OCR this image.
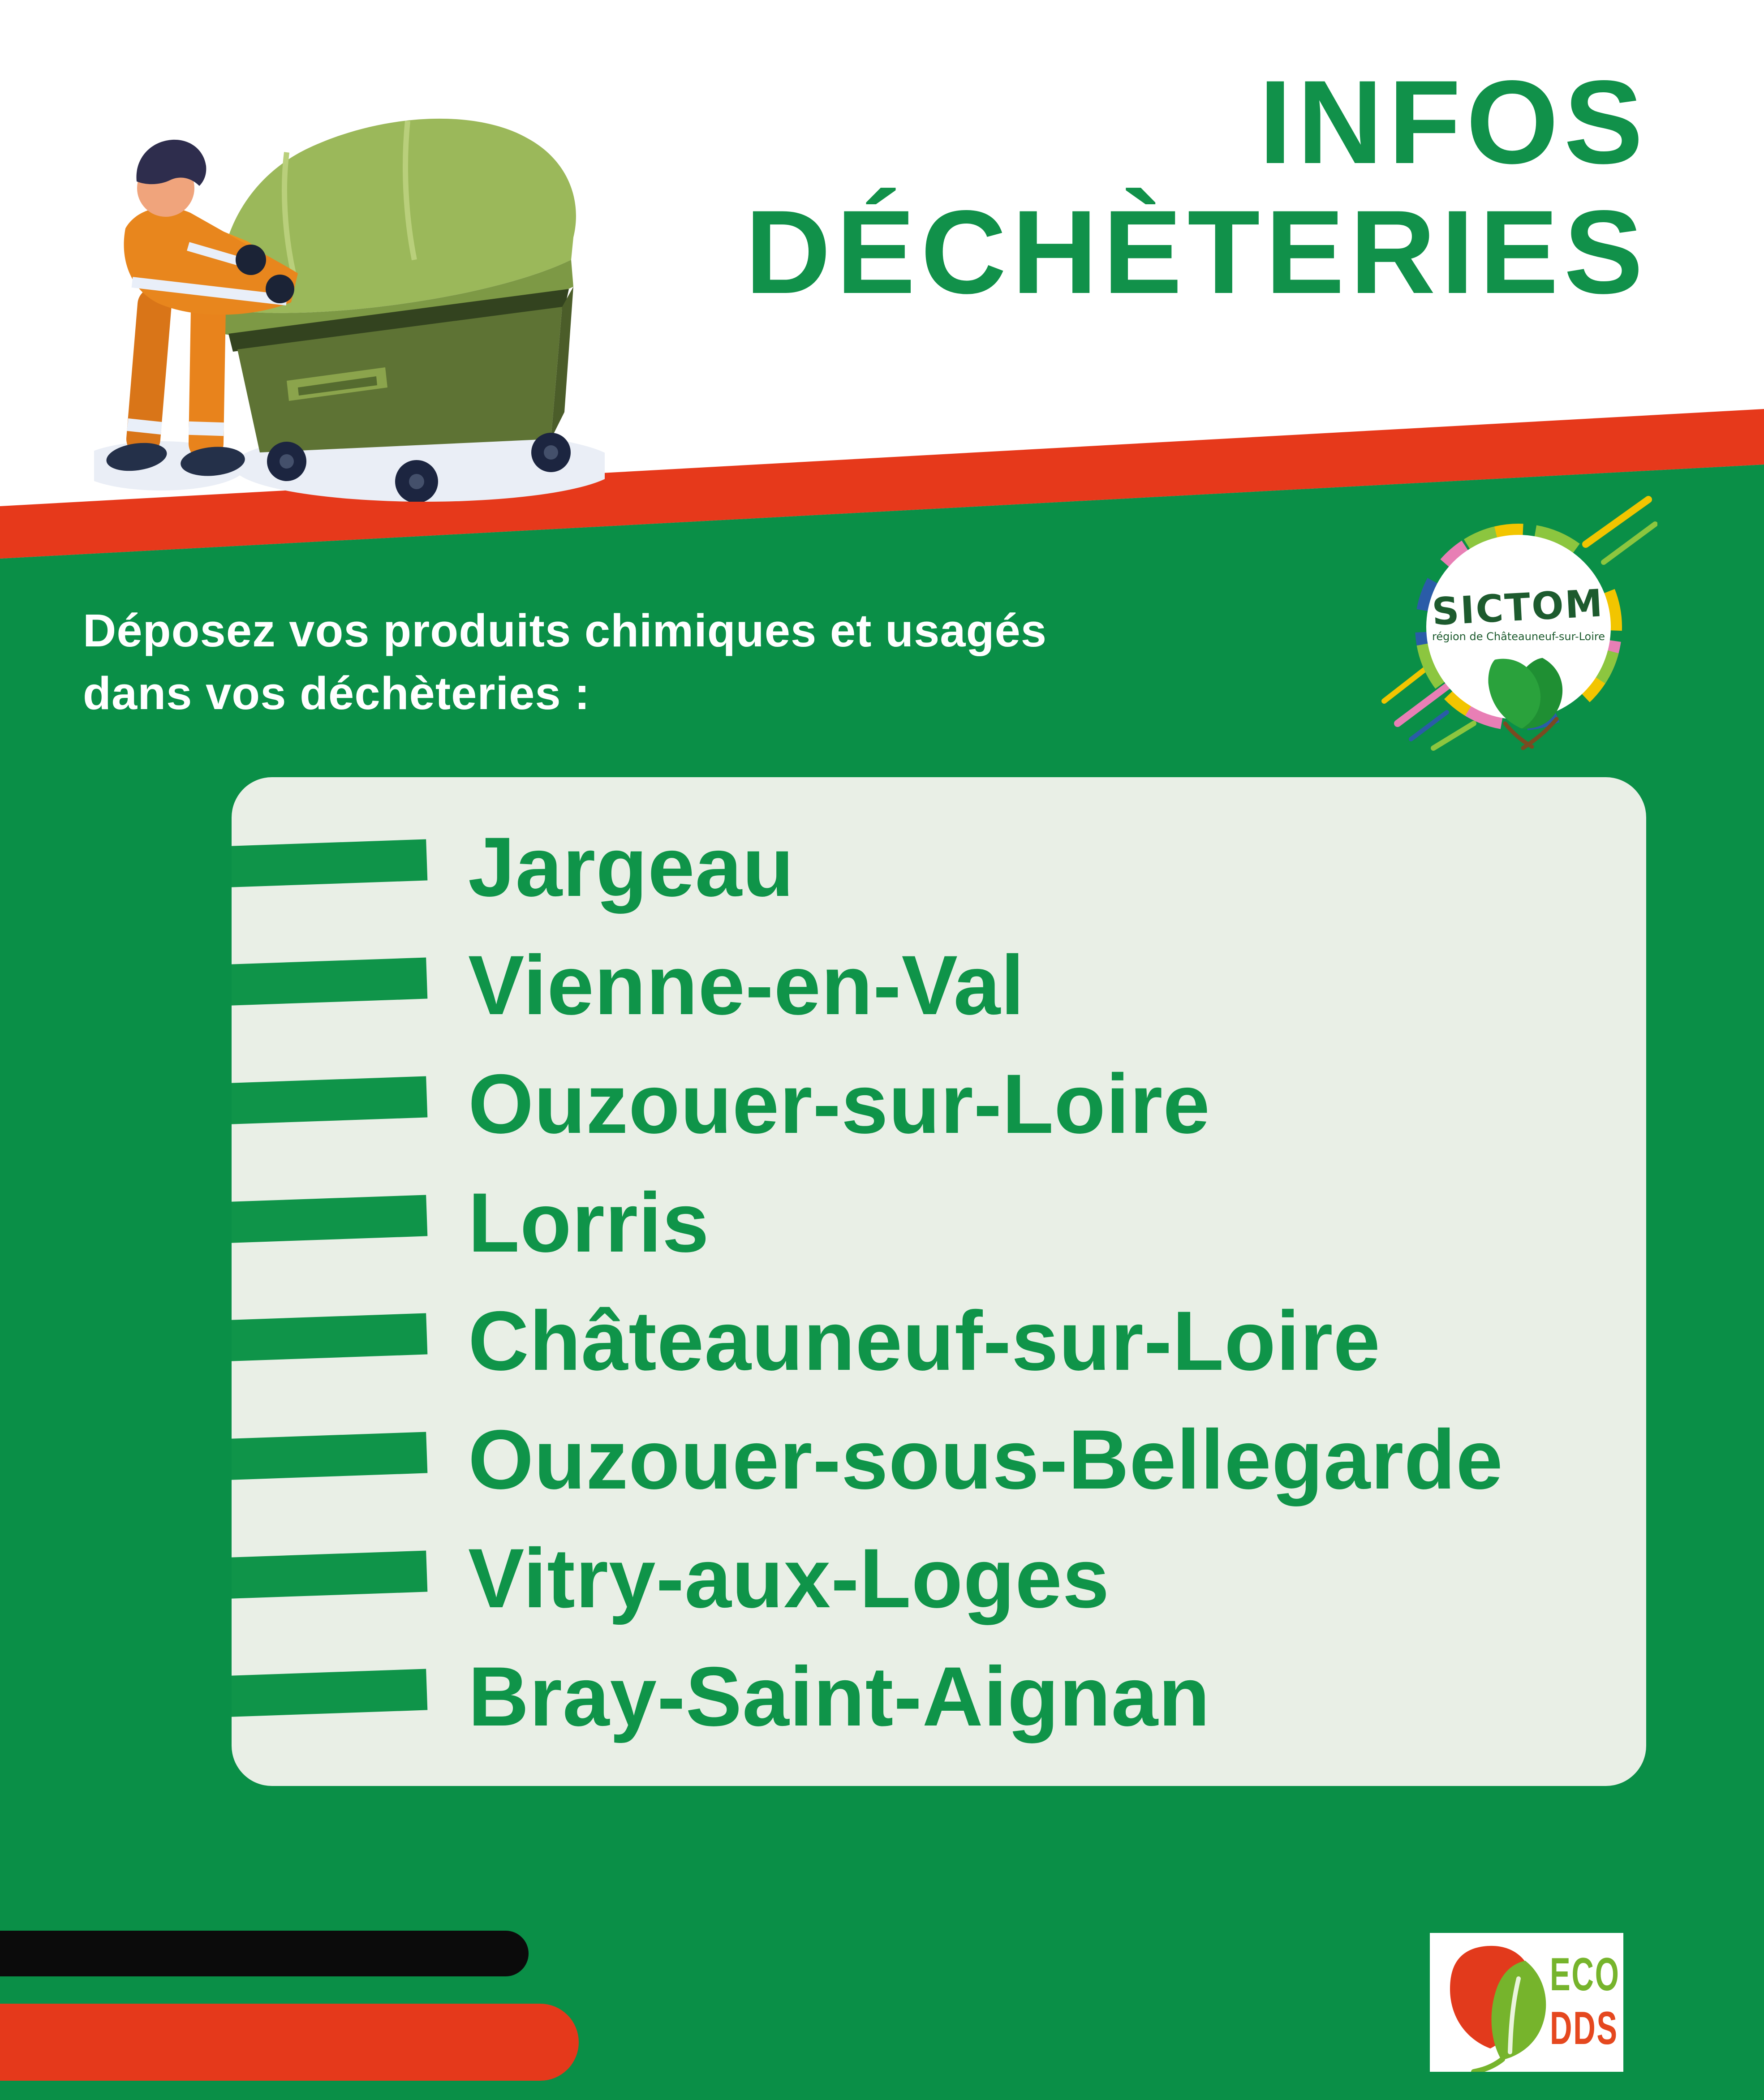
INFOS
DÉCHÈTERIES
SICTOM
région de Châteauneuf-sur-Loire
Déposez vos produits chimiques et usagés
dans vos déchèteries :
Jargeau
Vienne-en-Val
Ouzouer-sur-Loire
Lorris
Châteauneuf-sur-Loire
Ouzouer-sous-Bellegarde
Vitry-aux-Loges
Bray-Saint-Aignan
ECO
DDS
